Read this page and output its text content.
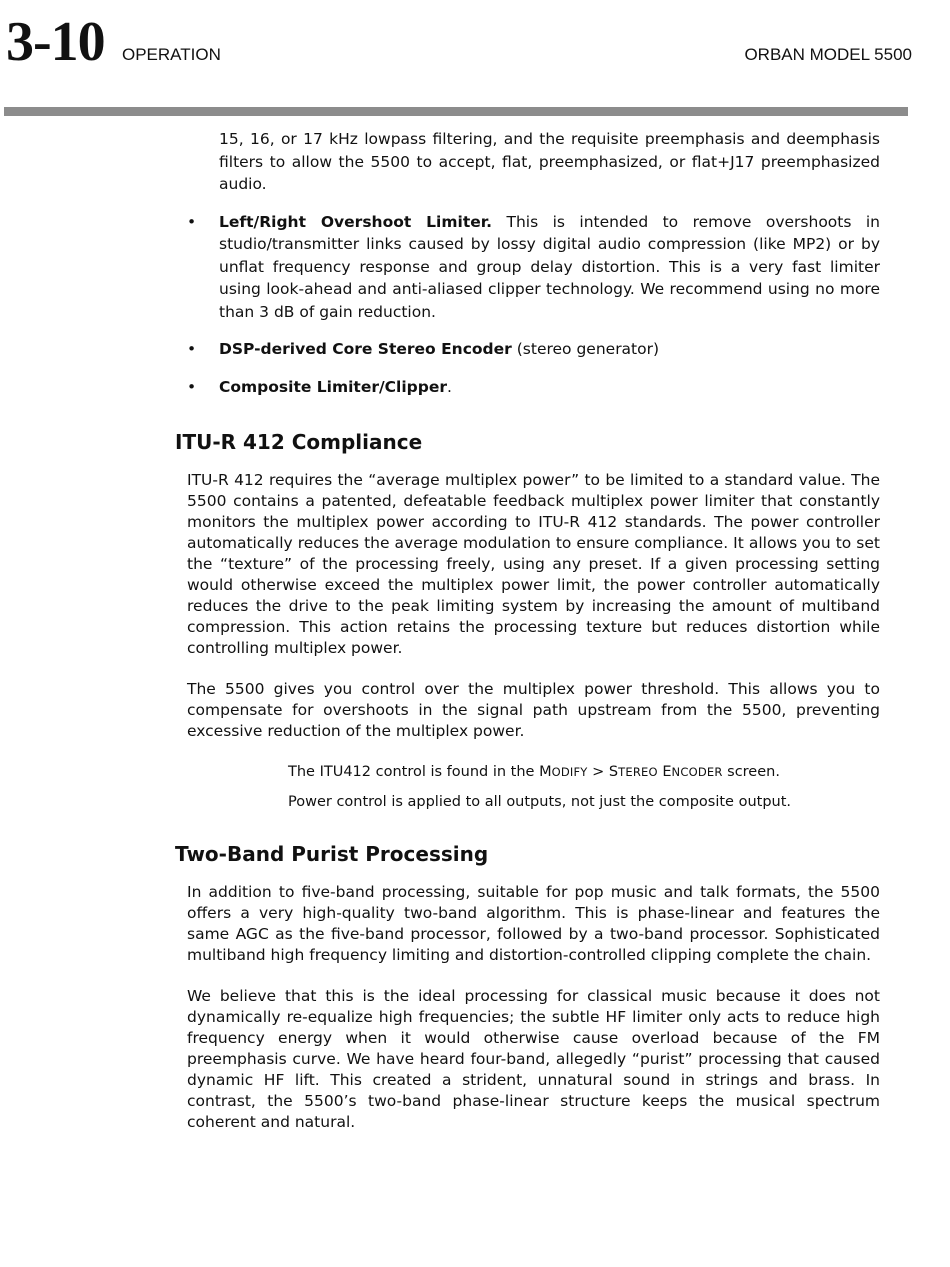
3-10 OPERATION	ORBAN MODEL 5500

15, 16, or 17 kHz lowpass filtering, and the requisite preemphasis and deemphasis filters to allow the 5500 to accept, flat, preemphasized, or flat+J17 preemphasized audio.

• Left/Right Overshoot Limiter. This is intended to remove overshoots in studio/transmitter links caused by lossy digital audio compression (like MP2) or by unflat frequency response and group delay distortion. This is a very fast limiter using look-ahead and anti-aliased clipper technology. We recommend using no more than 3 dB of gain reduction.
• DSP-derived Core Stereo Encoder (stereo generator)
• Composite Limiter/Clipper.
ITU-R 412 Compliance

ITU-R 412 requires the “average multiplex power” to be limited to a standard value. The 5500 contains a patented, defeatable feedback multiplex power limiter that constantly monitors the multiplex power according to ITU-R 412 standards. The power controller automatically reduces the average modulation to ensure compliance. It allows you to set the “texture” of the processing freely, using any preset. If a given processing setting would otherwise exceed the multiplex power limit, the power controller automatically reduces the drive to the peak limiting system by increasing the amount of multiband compression. This action retains the processing texture but reduces distortion while controlling multiplex power.

The 5500 gives you control over the multiplex power threshold. This allows you to compensate for overshoots in the signal path upstream from the 5500, preventing excessive reduction of the multiplex power.

The ITU412 control is found in the MODIFY > STEREO ENCODER screen.
Power control is applied to all outputs, not just the composite output.
Two-Band Purist Processing

In addition to five-band processing, suitable for pop music and talk formats, the 5500 offers a very high-quality two-band algorithm. This is phase-linear and features the same AGC as the five-band processor, followed by a two-band processor. Sophisticated multiband high frequency limiting and distortion-controlled clipping complete the chain.

We believe that this is the ideal processing for classical music because it does not dynamically re-equalize high frequencies; the subtle HF limiter only acts to reduce high frequency energy when it would otherwise cause overload because of the FM preemphasis curve. We have heard four-band, allegedly “purist” processing that caused dynamic HF lift. This created a strident, unnatural sound in strings and brass. In contrast, the 5500’s two-band phase-linear structure keeps the musical spectrum coherent and natural.
